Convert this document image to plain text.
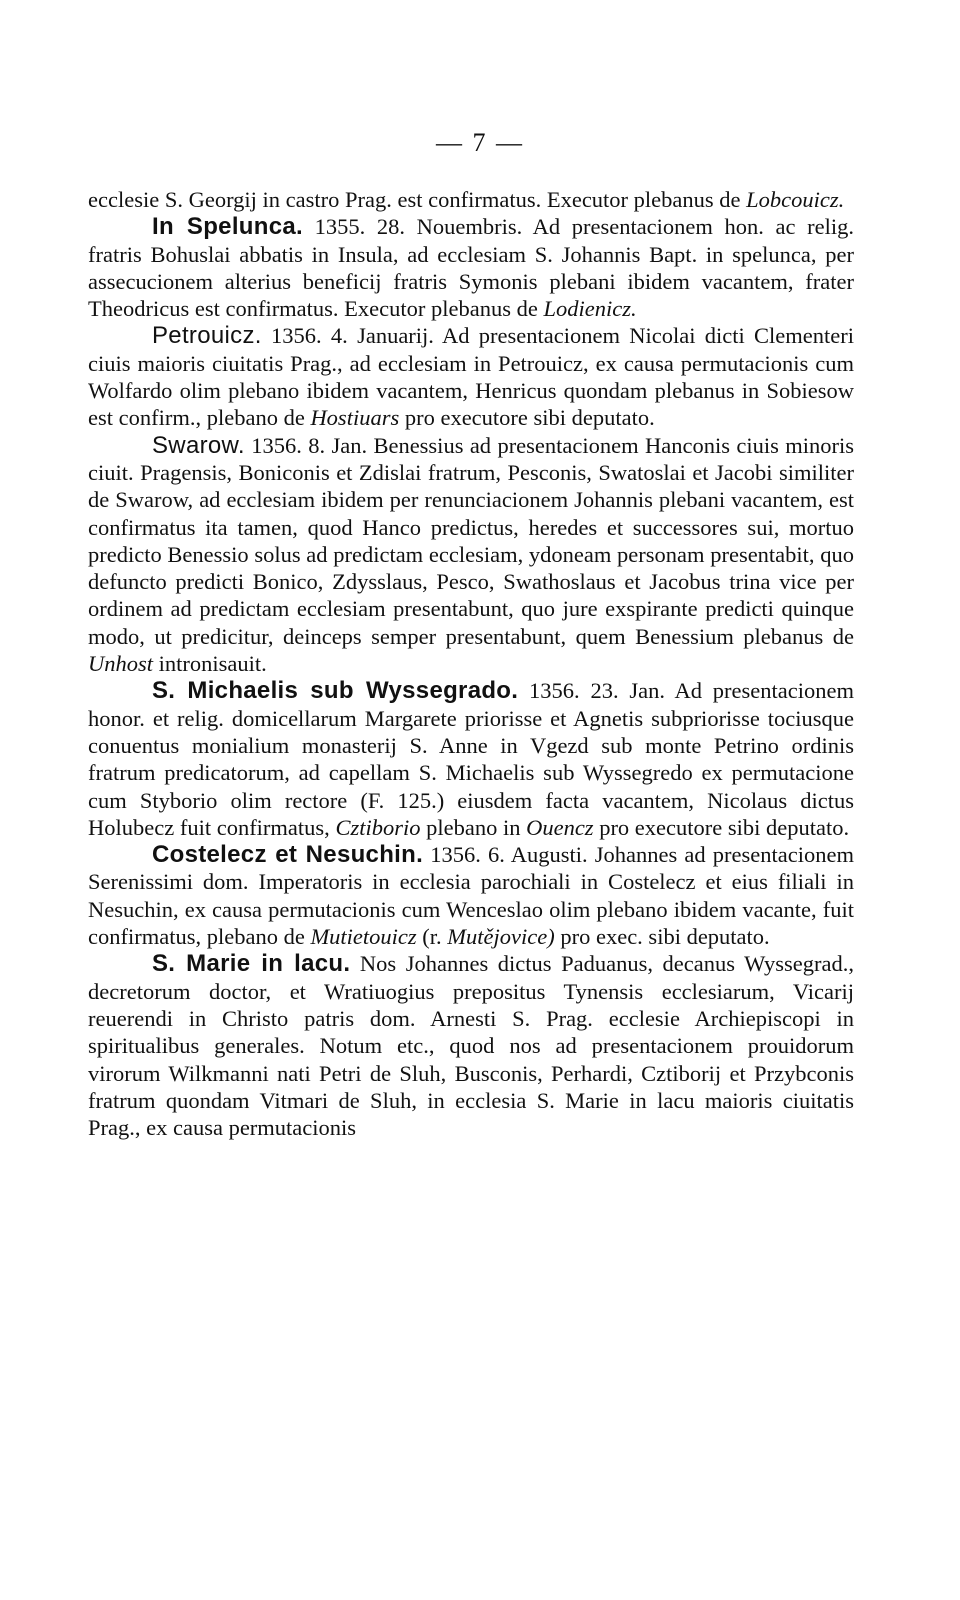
— 7 —

ecclesie S. Georgij in castro Prag. est confirmatus. Executor plebanus de Lobcouicz.

In Spelunca. 1355. 28. Nouembris. Ad presentacionem hon. ac relig. fratris Bohuslai abbatis in Insula, ad ecclesiam S. Johannis Bapt. in spelunca, per assecucionem alterius beneficij fratris Symonis plebani ibidem vacantem, frater Theodricus est confirmatus. Executor plebanus de Lodienicz.

Petrouicz. 1356. 4. Januarij. Ad presentacionem Nicolai dicti Clementeri ciuis maioris ciuitatis Prag., ad ecclesiam in Petrouicz, ex causa permutacionis cum Wolfardo olim plebano ibidem vacantem, Henricus quondam plebanus in Sobiesow est confirm., plebano de Hostiuars pro executore sibi deputato.

Swarow. 1356. 8. Jan. Benessius ad presentacionem Hanconis ciuis minoris ciuit. Pragensis, Boniconis et Zdislai fratrum, Pesconis, Swatoslai et Jacobi similiter de Swarow, ad ecclesiam ibidem per renunciacionem Johannis plebani vacantem, est confirmatus ita tamen, quod Hanco predictus, heredes et successores sui, mortuo predicto Benessio solus ad predictam ecclesiam, ydoneam personam presentabit, quo defuncto predicti Bonico, Zdysslaus, Pesco, Swathoslaus et Jacobus trina vice per ordinem ad predictam ecclesiam presentabunt, quo jure exspirante predicti quinque modo, ut predicitur, deinceps semper presentabunt, quem Benessium plebanus de Unhost intronisauit.

S. Michaelis sub Wyssegrado. 1356. 23. Jan. Ad presentacionem honor. et relig. domicellarum Margarete priorisse et Agnetis subpriorisse tociusque conuentus monialium monasterij S. Anne in Vgezd sub monte Petrino ordinis fratrum predicatorum, ad capellam S. Michaelis sub Wyssegredo ex permutacione cum Styborio olim rectore (F. 125.) eiusdem facta vacantem, Nicolaus dictus Holubecz fuit confirmatus, Cztiborio plebano in Ouencz pro executore sibi deputato.

Costelecz et Nesuchin. 1356. 6. Augusti. Johannes ad presentacionem Serenissimi dom. Imperatoris in ecclesia parochiali in Costelecz et eius filiali in Nesuchin, ex causa permutacionis cum Wenceslao olim plebano ibidem vacante, fuit confirmatus, plebano de Mutietouicz (r. Mutějovice) pro exec. sibi deputato.

S. Marie in lacu. Nos Johannes dictus Paduanus, decanus Wyssegrad., decretorum doctor, et Wratiuogius prepositus Tynensis ecclesiarum, Vicarij reuerendi in Christo patris dom. Arnesti S. Prag. ecclesie Archiepiscopi in spiritualibus generales. Notum etc., quod nos ad presentacionem prouidorum virorum Wilkmanni nati Petri de Sluh, Busconis, Perhardi, Cztiborij et Przybconis fratrum quondam Vitmari de Sluh, in ecclesia S. Marie in lacu maioris ciuitatis Prag., ex causa permutacionis
